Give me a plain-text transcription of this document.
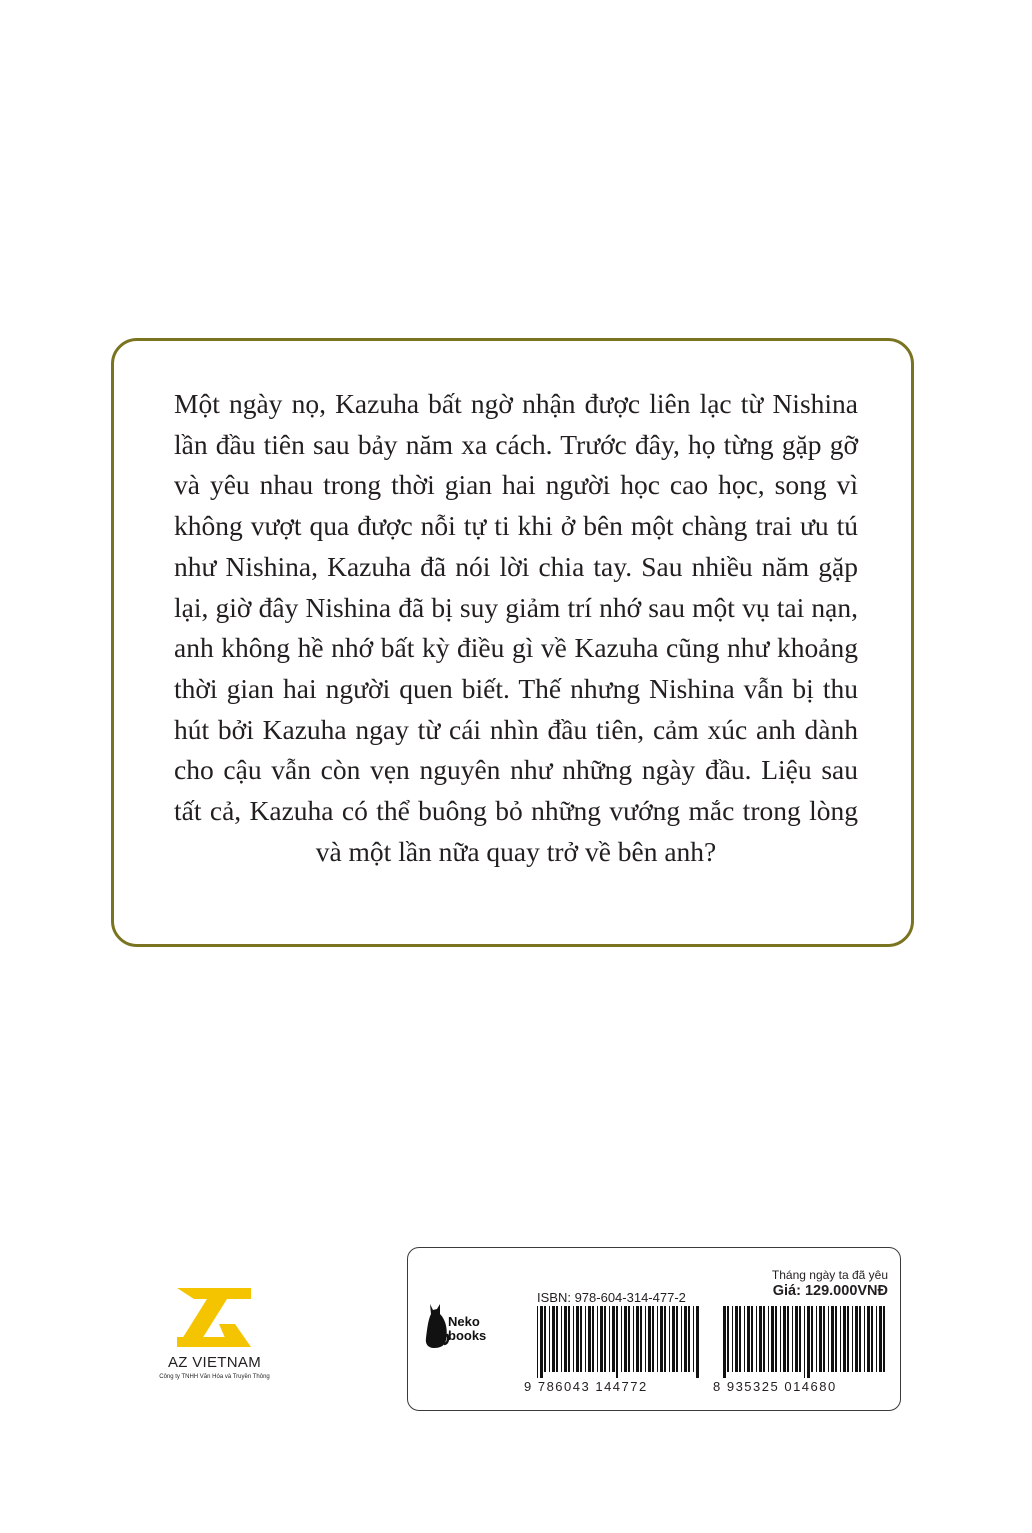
Một ngày nọ, Kazuha bất ngờ nhận được liên lạc từ Nishina lần đầu tiên sau bảy năm xa cách. Trước đây, họ từng gặp gỡ và yêu nhau trong thời gian hai người học cao học, song vì không vượt qua được nỗi tự ti khi ở bên một chàng trai ưu tú như Nishina, Kazuha đã nói lời chia tay. Sau nhiều năm gặp lại, giờ đây Nishina đã bị suy giảm trí nhớ sau một vụ tai nạn, anh không hề nhớ bất kỳ điều gì về Kazuha cũng như khoảng thời gian hai người quen biết. Thế nhưng Nishina vẫn bị thu hút bởi Kazuha ngay từ cái nhìn đầu tiên, cảm xúc anh dành cho cậu vẫn còn vẹn nguyên như những ngày đầu. Liệu sau tất cả, Kazuha có thể buông bỏ những vướng mắc trong lòng và một lần nữa quay trở về bên anh?
AZ VIETNAM
Công ty TNHH Văn Hóa và Truyền Thông
Tháng ngày ta đã yêu
Giá: 129.000VNĐ
ISBN: 978-604-314-477-2
Neko
books
9 786043 144772	8 935325 014680
